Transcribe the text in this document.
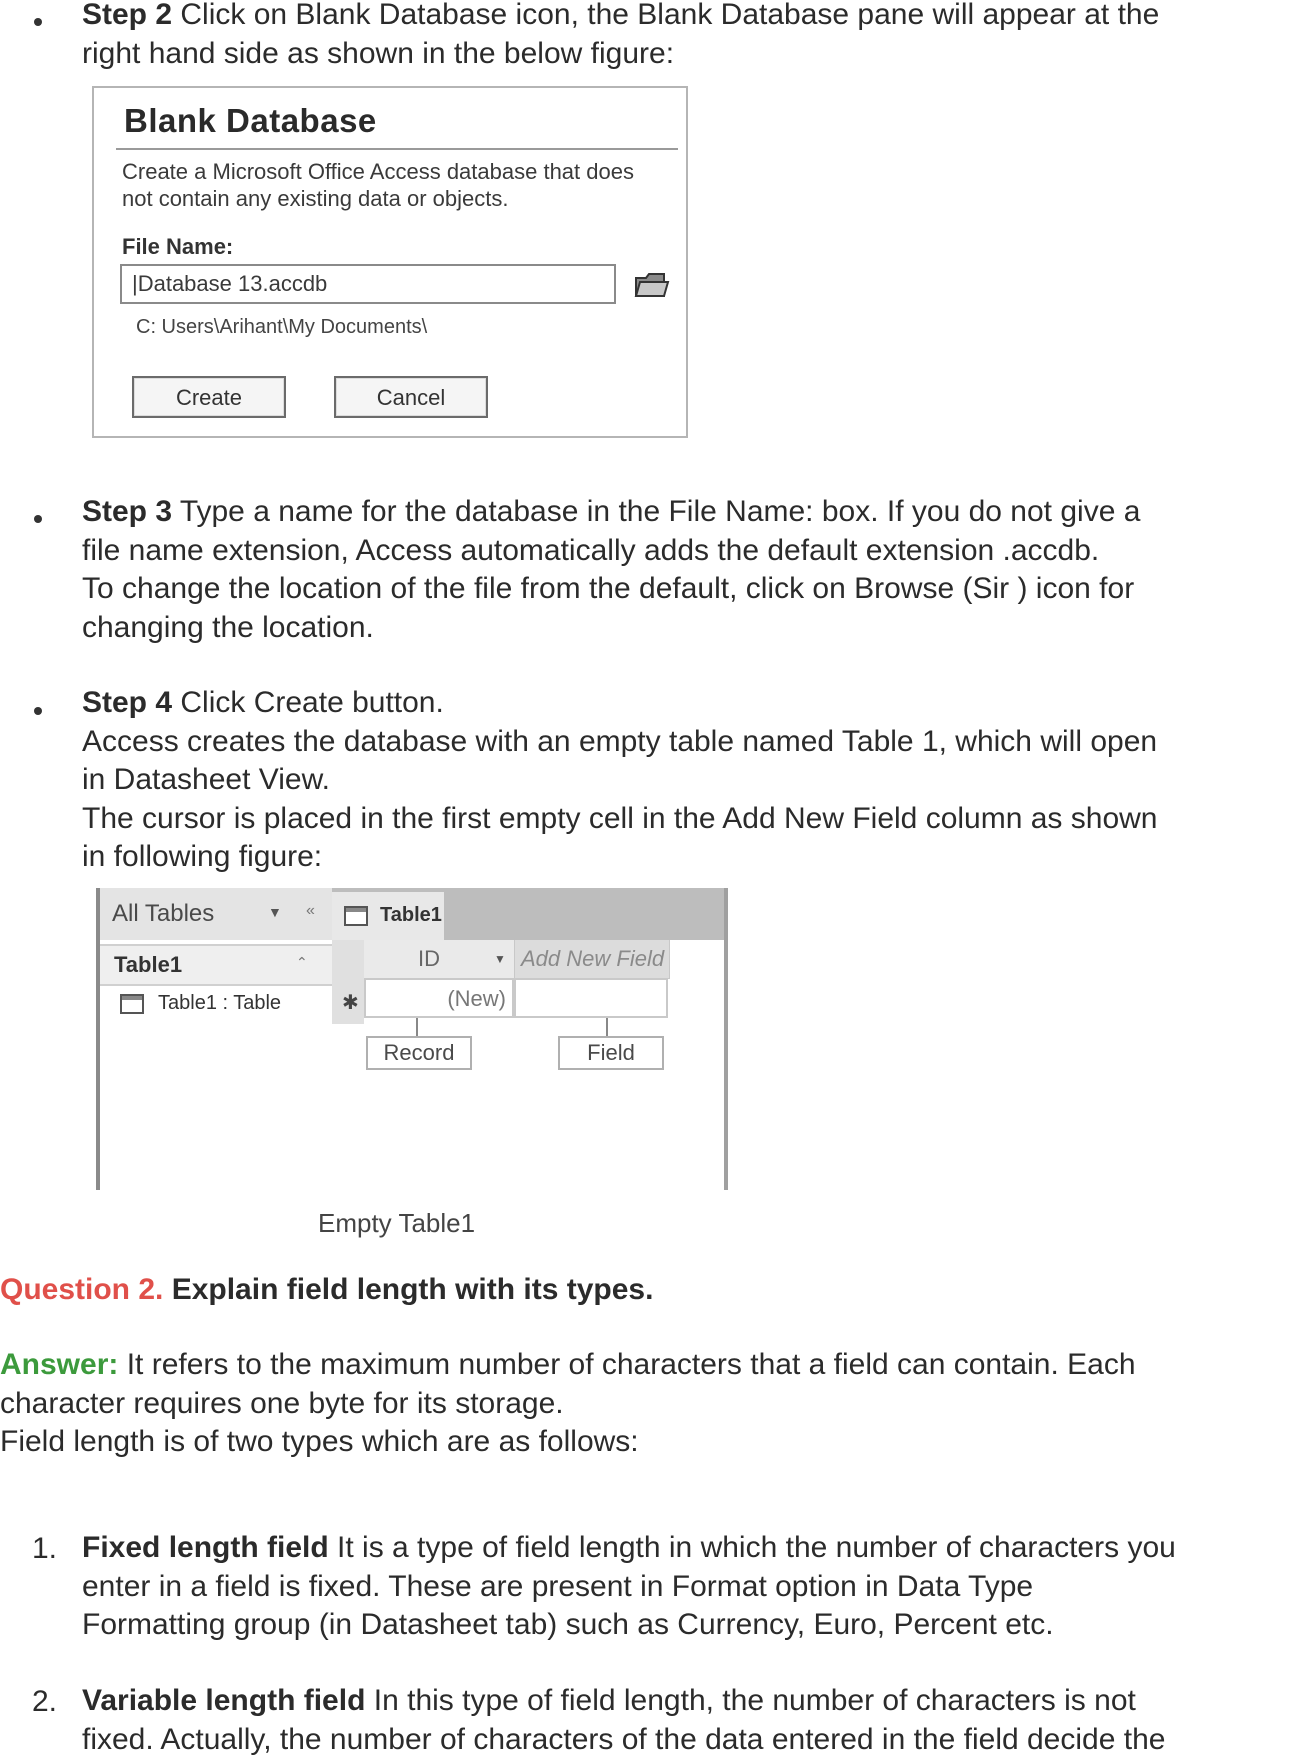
Step 2 Click on Blank Database icon, the Blank Database pane will appear at the
right hand side as shown in the below figure:
Blank Database
Create a Microsoft Office Access database that does
not contain any existing data or objects.
File Name:
|Database 13.accdb
C: Users\Arihant\My Documents\
Create	Cancel
Step 3 Type a name for the database in the File Name: box. If you do not give a
file name extension, Access automatically adds the default extension .accdb.
To change the location of the file from the default, click on Browse (Sir ) icon for
changing the location.
Step 4 Click Create button.
Access creates the database with an empty table named Table 1, which will open
in Datasheet View.
The cursor is placed in the first empty cell in the Add New Field column as shown
in following figure:
All Tables	▼ «
Table1	⌃
Table1 : Table
Table1
ID	▼ Add New Field
✱	(New)
Record	Field
Empty Table1
Question 2. Explain field length with its types.
Answer: It refers to the maximum number of characters that a field can contain. Each
character requires one byte for its storage.
Field length is of two types which are as follows:
1. Fixed length field It is a type of field length in which the number of characters you
enter in a field is fixed. These are present in Format option in Data Type
Formatting group (in Datasheet tab) such as Currency, Euro, Percent etc.
2. Variable length field In this type of field length, the number of characters is not
fixed. Actually, the number of characters of the data entered in the field decide the
